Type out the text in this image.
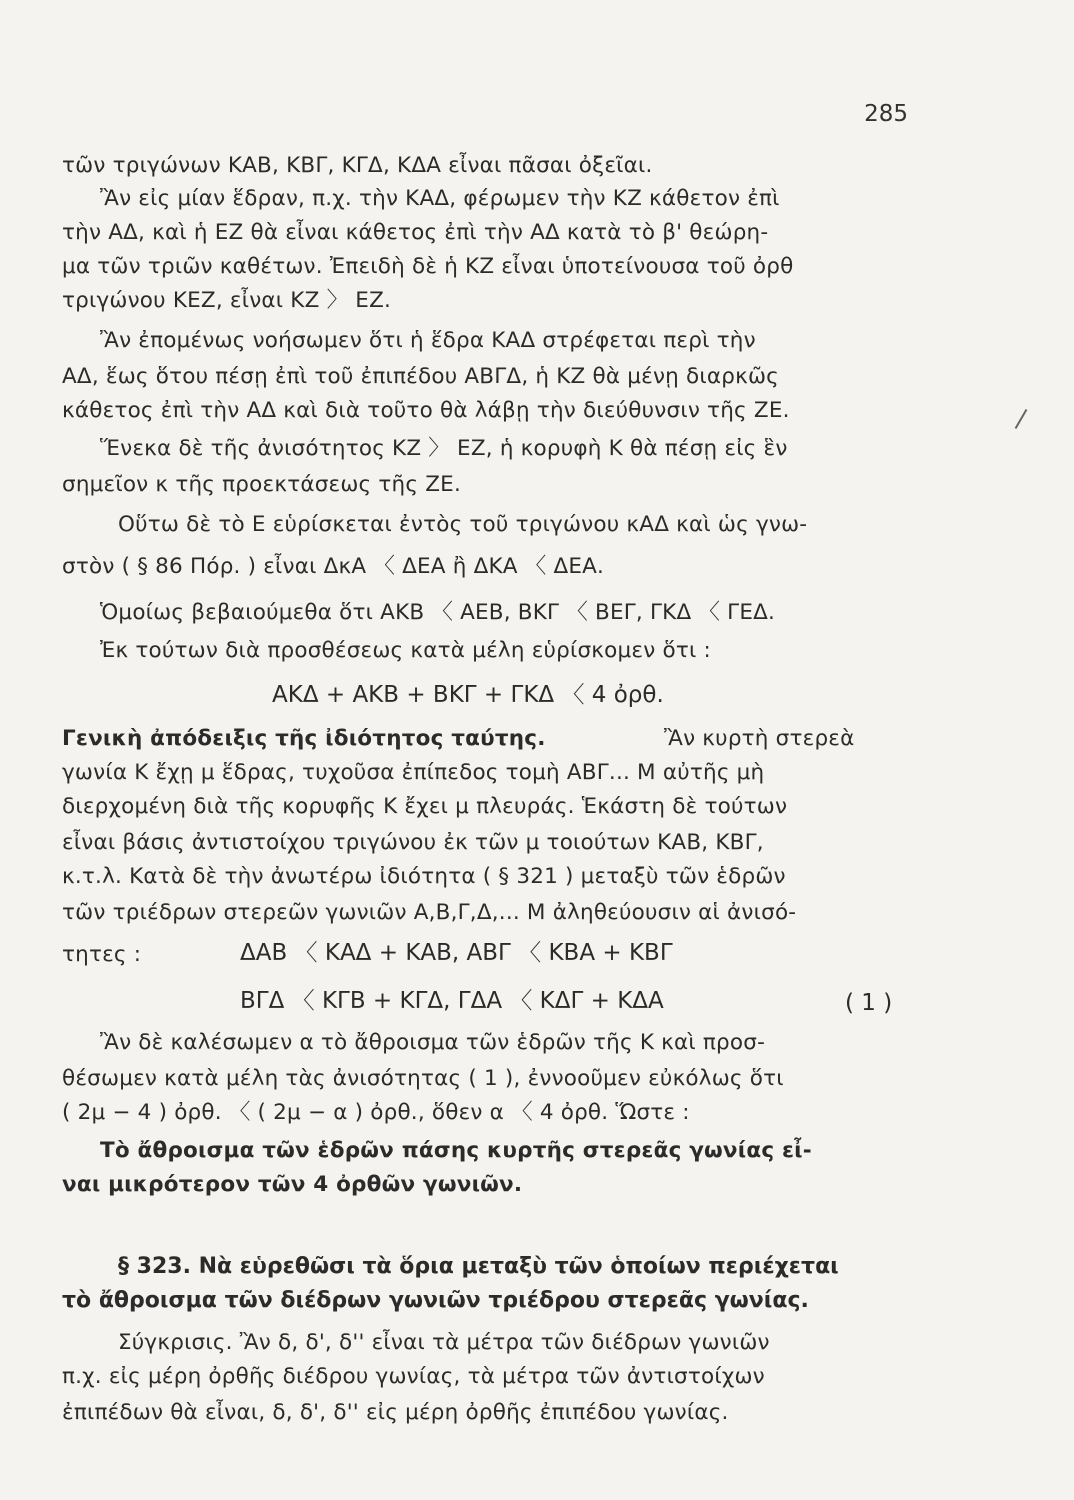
285
τῶν τριγώνων ΚΑΒ, ΚΒΓ, ΚΓΔ, ΚΔΑ εἶναι πᾶσαι ὀξεῖαι.
Ἂν εἰς μίαν ἕδραν, π.χ. τὴν ΚΑΔ, φέρωμεν τὴν ΚΖ κάθετον ἐπὶ
τὴν ΑΔ, καὶ ἡ ΕΖ θὰ εἶναι κάθετος ἐπὶ τὴν ΑΔ κατὰ τὸ β' θεώρη-
μα τῶν τριῶν καθέτων. Ἐπειδὴ δὲ ἡ ΚΖ εἶναι ὑποτείνουσα τοῦ ὀρθ
τριγώνου ΚΕΖ, εἶναι ΚΖ 〉 ΕΖ.
Ἂν ἐπομένως νοήσωμεν ὅτι ἡ ἕδρα ΚΑΔ στρέφεται περὶ τὴν
ΑΔ, ἕως ὅτου πέσῃ ἐπὶ τοῦ ἐπιπέδου ΑΒΓΔ, ἡ ΚΖ θὰ μένῃ διαρκῶς
κάθετος ἐπὶ τὴν ΑΔ καὶ διὰ τοῦτο θὰ λάβῃ τὴν διεύθυνσιν τῆς ΖΕ.
Ἕνεκα δὲ τῆς ἀνισότητος ΚΖ 〉 ΕΖ, ἡ κορυφὴ Κ θὰ πέσῃ εἰς ἓν
σημεῖον κ τῆς προεκτάσεως τῆς ΖΕ.
Οὕτω δὲ τὸ Ε εὑρίσκεται ἐντὸς τοῦ τριγώνου κΑΔ καὶ ὡς γνω-
στὸν ( § 86 Πόρ. ) εἶναι ΔκΑ 〈 ΔΕΑ ἢ ΔΚΑ 〈 ΔΕΑ.
Ὁμοίως βεβαιούμεθα ὅτι ΑΚΒ 〈 ΑΕΒ, ΒΚΓ 〈 ΒΕΓ, ΓΚΔ 〈 ΓΕΔ.
Ἐκ τούτων διὰ προσθέσεως κατὰ μέλη εὑρίσκομεν ὅτι :
ΑΚΔ + ΑΚΒ + ΒΚΓ + ΓΚΔ 〈 4 ὀρθ.
Γενικὴ ἀπόδειξις τῆς ἰδιότητος ταύτης.	Ἂν κυρτὴ στερεὰ
γωνία Κ ἔχῃ μ ἕδρας, τυχοῦσα ἐπίπεδος τομὴ ΑΒΓ... Μ αὐτῆς μὴ
διερχομένη διὰ τῆς κορυφῆς Κ ἔχει μ πλευράς. Ἑκάστη δὲ τούτων
εἶναι βάσις ἀντιστοίχου τριγώνου ἐκ τῶν μ τοιούτων ΚΑΒ, ΚΒΓ,
κ.τ.λ. Κατὰ δὲ τὴν ἀνωτέρω ἰδιότητα ( § 321 ) μεταξὺ τῶν ἑδρῶν
τῶν τριέδρων στερεῶν γωνιῶν Α,Β,Γ,Δ,... Μ ἀληθεύουσιν αἱ ἀνισό-
τητες :	ΔΑΒ 〈 ΚΑΔ + ΚΑΒ, ΑΒΓ 〈 ΚΒΑ + ΚΒΓ
ΒΓΔ 〈 ΚΓΒ + ΚΓΔ, ΓΔΑ 〈 ΚΔΓ + ΚΔΑ	( 1 )
Ἂν δὲ καλέσωμεν α τὸ ἄθροισμα τῶν ἑδρῶν τῆς Κ καὶ προσ-
θέσωμεν κατὰ μέλη τὰς ἀνισότητας ( 1 ), ἐννοοῦμεν εὐκόλως ὅτι
( 2μ − 4 ) ὀρθ. 〈 ( 2μ − α ) ὀρθ., ὅθεν α 〈 4 ὀρθ. Ὥστε :
Τὸ ἄθροισμα τῶν ἑδρῶν πάσης κυρτῆς στερεᾶς γωνίας εἶ-
ναι μικρότερον τῶν 4 ὀρθῶν γωνιῶν.
§ 323. Νὰ εὑρεθῶσι τὰ ὅρια μεταξὺ τῶν ὁποίων περιέχεται
τὸ ἄθροισμα τῶν διέδρων γωνιῶν τριέδρου στερεᾶς γωνίας.
Σύγκρισις. Ἂν δ, δ', δ'' εἶναι τὰ μέτρα τῶν διέδρων γωνιῶν
π.χ. εἰς μέρη ὀρθῆς διέδρου γωνίας, τὰ μέτρα τῶν ἀντιστοίχων
ἐπιπέδων θὰ εἶναι, δ, δ', δ'' εἰς μέρη ὀρθῆς ἐπιπέδου γωνίας.
